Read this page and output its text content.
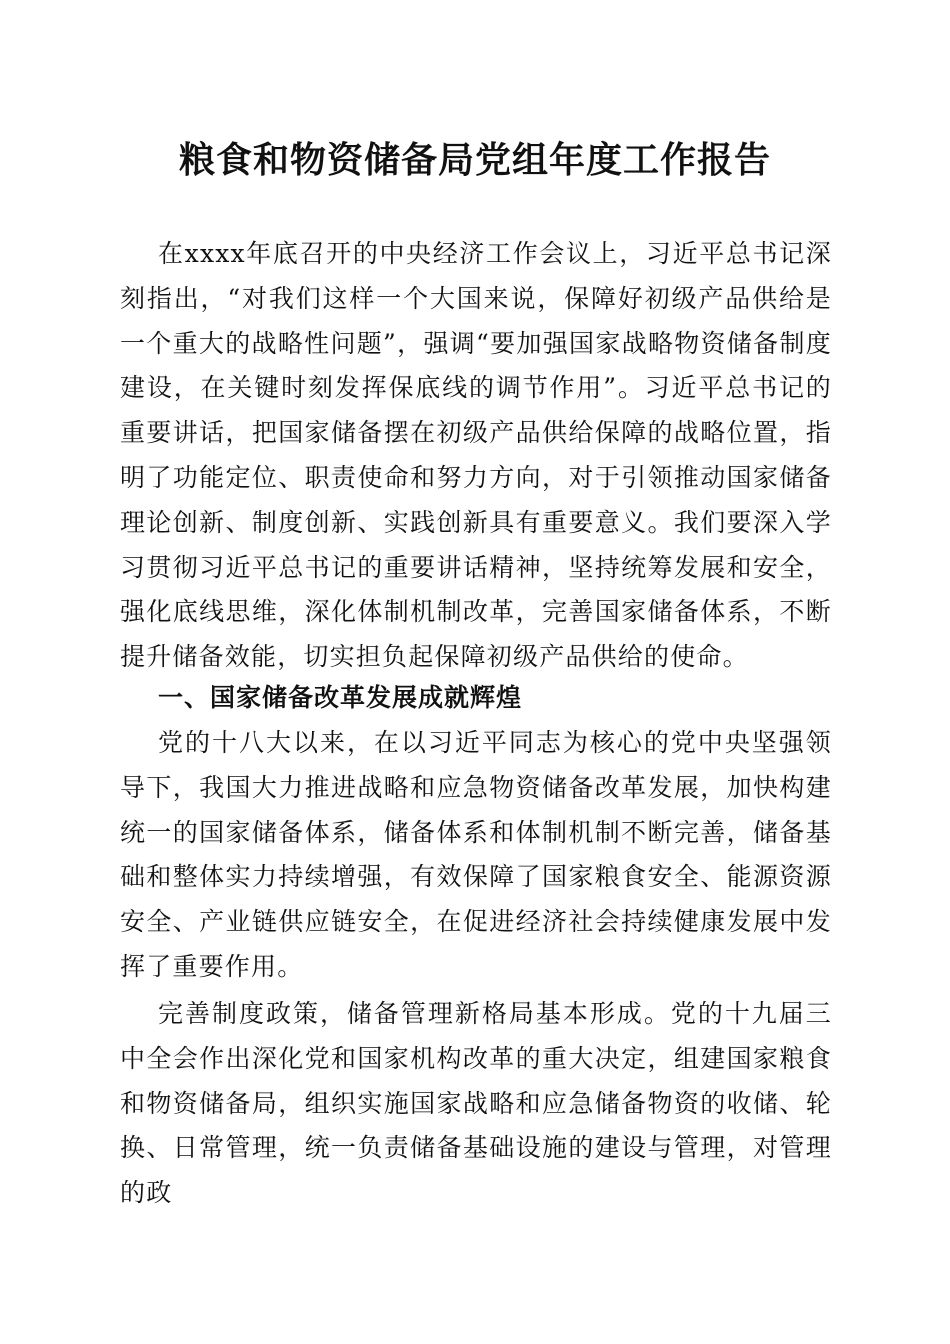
粮食和物资储备局党组年度工作报告

在xxxx年底召开的中央经济工作会议上，习近平总书记深刻指出，“对我们这样一个大国来说，保障好初级产品供给是一个重大的战略性问题”，强调“要加强国家战略物资储备制度建设，在关键时刻发挥保底线的调节作用”。习近平总书记的重要讲话，把国家储备摆在初级产品供给保障的战略位置，指明了功能定位、职责使命和努力方向，对于引领推动国家储备理论创新、制度创新、实践创新具有重要意义。我们要深入学习贯彻习近平总书记的重要讲话精神，坚持统筹发展和安全，强化底线思维，深化体制机制改革，完善国家储备体系，不断提升储备效能，切实担负起保障初级产品供给的使命。

一、国家储备改革发展成就辉煌

党的十八大以来，在以习近平同志为核心的党中央坚强领导下，我国大力推进战略和应急物资储备改革发展，加快构建统一的国家储备体系，储备体系和体制机制不断完善，储备基础和整体实力持续增强，有效保障了国家粮食安全、能源资源安全、产业链供应链安全，在促进经济社会持续健康发展中发挥了重要作用。

完善制度政策，储备管理新格局基本形成。党的十九届三中全会作出深化党和国家机构改革的重大决定，组建国家粮食和物资储备局，组织实施国家战略和应急储备物资的收储、轮换、日常管理，统一负责储备基础设施的建设与管理，对管理的政
